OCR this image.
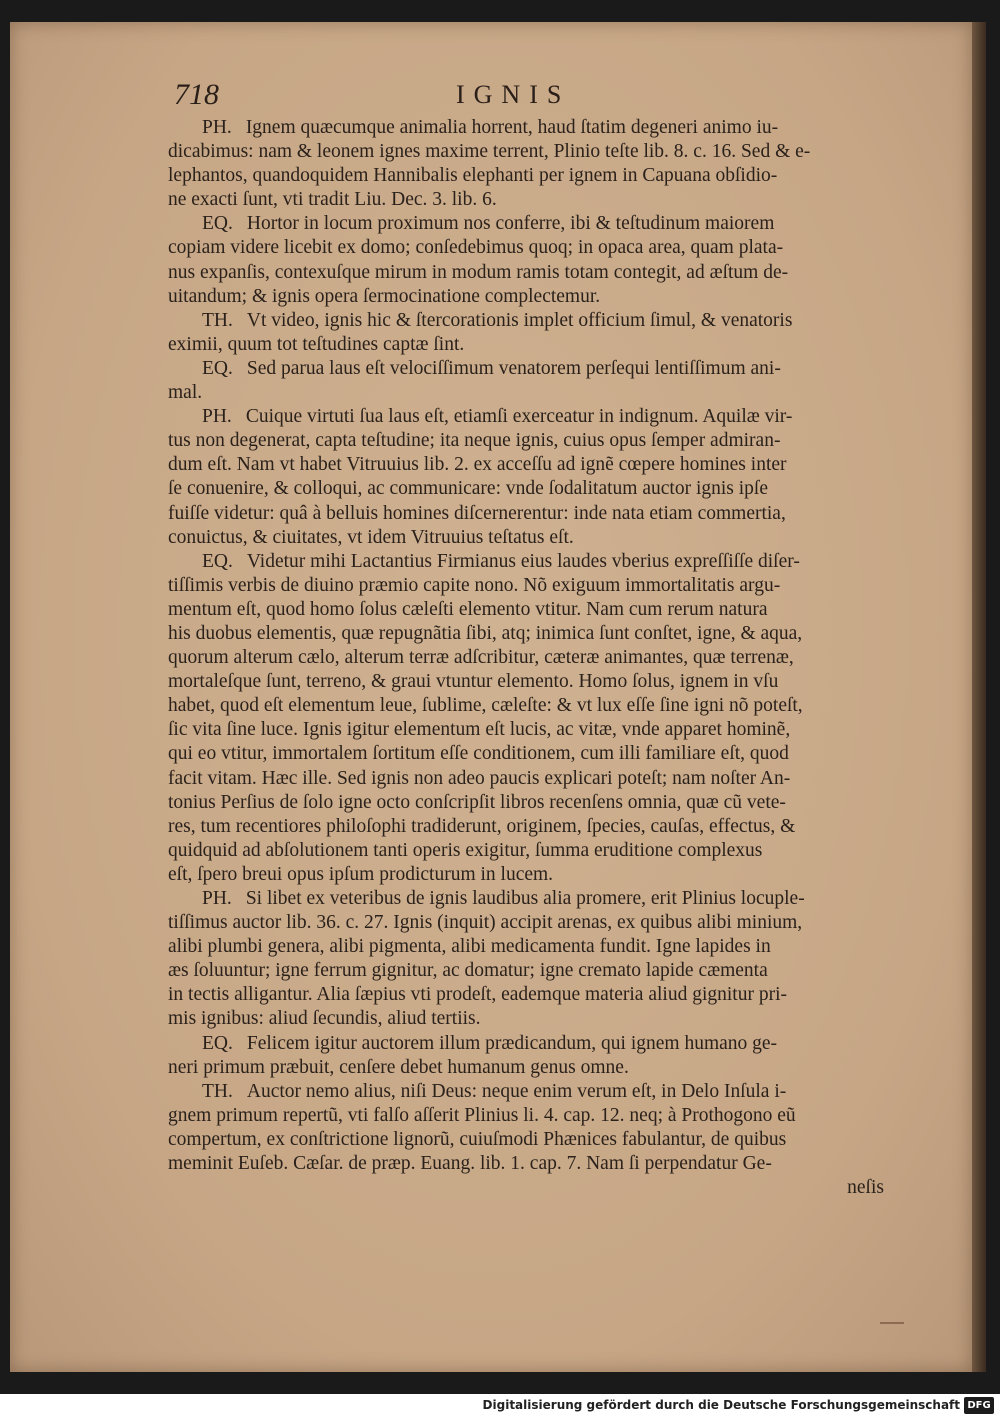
718	IGNIS
PH. Ignem quæcumque animalia horrent, haud ſtatim degeneri animo iu-
dicabimus: nam & leonem ignes maxime terrent, Plinio teſte lib. 8. c. 16. Sed & e-
lephantos, quandoquidem Hannibalis elephanti per ignem in Capuana obſidio-
ne exacti ſunt, vti tradit Liu. Dec. 3. lib. 6.
EQ. Hortor in locum proximum nos conferre, ibi & teſtudinum maiorem
copiam videre licebit ex domo; conſedebimus quoq; in opaca area, quam plata-
nus expanſis, contexuſque mirum in modum ramis totam contegit, ad æſtum de-
uitandum; & ignis opera ſermocinatione complectemur.
TH. Vt video, ignis hic & ſtercorationis implet officium ſimul, & venatoris
eximii, quum tot teſtudines captæ ſint.
EQ. Sed parua laus eſt velociſſimum venatorem perſequi lentiſſimum ani-
mal.
PH. Cuique virtuti ſua laus eſt, etiamſi exerceatur in indignum. Aquilæ vir-
tus non degenerat, capta teſtudine; ita neque ignis, cuius opus ſemper admiran-
dum eſt. Nam vt habet Vitruuius lib. 2. ex acceſſu ad ignẽ cœpere homines inter
ſe conuenire, & colloqui, ac communicare: vnde ſodalitatum auctor ignis ipſe
fuiſſe videtur: quâ à belluis homines diſcernerentur: inde nata etiam commertia,
conuictus, & ciuitates, vt idem Vitruuius teſtatus eſt.
EQ. Videtur mihi Lactantius Firmianus eius laudes vberius expreſſiſſe diſer-
tiſſimis verbis de diuino præmio capite nono. Nõ exiguum immortalitatis argu-
mentum eſt, quod homo ſolus cæleſti elemento vtitur. Nam cum rerum natura
his duobus elementis, quæ repugnãtia ſibi, atq; inimica ſunt conſtet, igne, & aqua,
quorum alterum cælo, alterum terræ adſcribitur, cæteræ animantes, quæ terrenæ,
mortaleſque ſunt, terreno, & graui vtuntur elemento. Homo ſolus, ignem in vſu
habet, quod eſt elementum leue, ſublime, cæleſte: & vt lux eſſe ſine igni nõ poteſt,
ſic vita ſine luce. Ignis igitur elementum eſt lucis, ac vitæ, vnde apparet hominẽ,
qui eo vtitur, immortalem ſortitum eſſe conditionem, cum illi familiare eſt, quod
facit vitam. Hæc ille. Sed ignis non adeo paucis explicari poteſt; nam noſter An-
tonius Perſius de ſolo igne octo conſcripſit libros recenſens omnia, quæ cũ vete-
res, tum recentiores philoſophi tradiderunt, originem, ſpecies, cauſas, effectus, &
quidquid ad abſolutionem tanti operis exigitur, ſumma eruditione complexus
eſt, ſpero breui opus ipſum prodicturum in lucem.
PH. Si libet ex veteribus de ignis laudibus alia promere, erit Plinius locuple-
tiſſimus auctor lib. 36. c. 27. Ignis (inquit) accipit arenas, ex quibus alibi minium,
alibi plumbi genera, alibi pigmenta, alibi medicamenta fundit. Igne lapides in
æs ſoluuntur; igne ferrum gignitur, ac domatur; igne cremato lapide cæmenta
in tectis alligantur. Alia ſæpius vti prodeſt, eademque materia aliud gignitur pri-
mis ignibus: aliud ſecundis, aliud tertiis.
EQ. Felicem igitur auctorem illum prædicandum, qui ignem humano ge-
neri primum præbuit, cenſere debet humanum genus omne.
TH. Auctor nemo alius, niſi Deus: neque enim verum eſt, in Delo Inſula i-
gnem primum repertũ, vti falſo aſſerit Plinius li. 4. cap. 12. neq; à Prothogono eũ
compertum, ex conſtrictione lignorũ, cuiuſmodi Phænices fabulantur, de quibus
meminit Euſeb. Cæſar. de præp. Euang. lib. 1. cap. 7. Nam ſi perpendatur Ge-
neſis
Digitalisierung gefördert durch die Deutsche Forschungsgemeinschaft DFG
